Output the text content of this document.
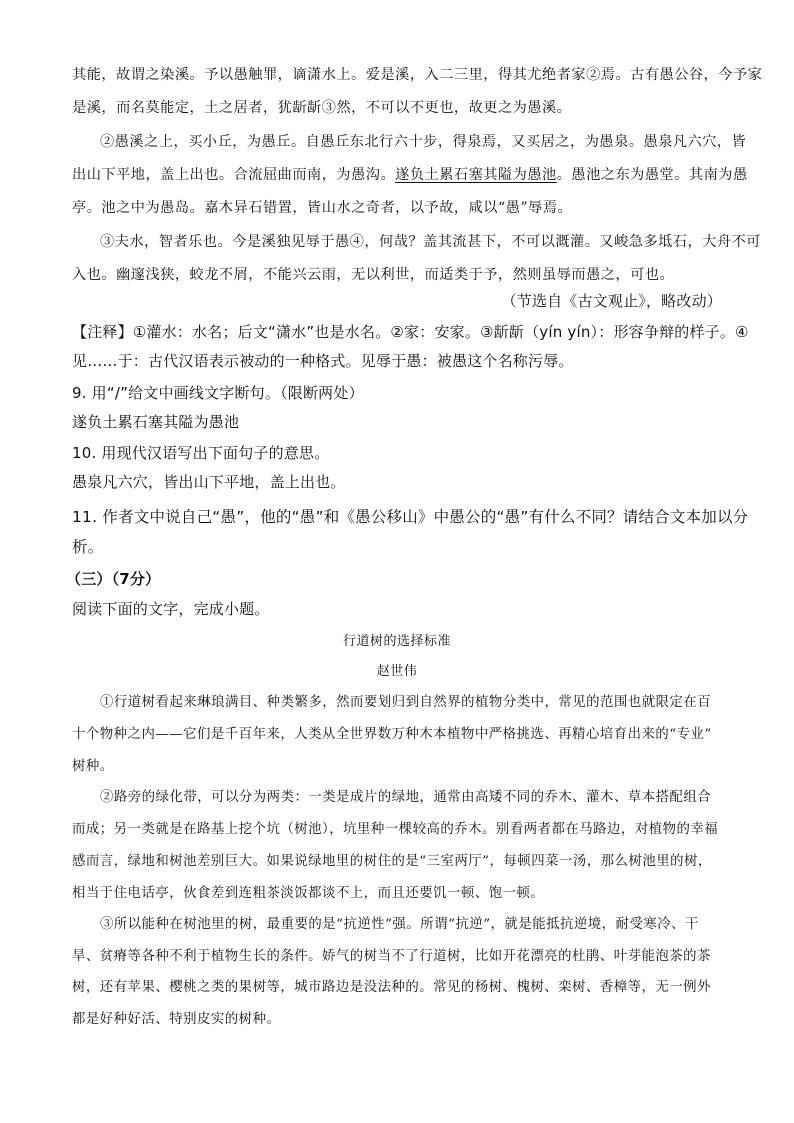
其能，故谓之染溪。予以愚触罪，谪潇水上。爱是溪，入二三里，得其尤绝者家②焉。古有愚公谷，今予家
是溪，而名莫能定，土之居者，犹龂龂③然，不可以不更也，故更之为愚溪。
②愚溪之上，买小丘，为愚丘。自愚丘东北行六十步，得泉焉，又买居之，为愚泉。愚泉凡六穴，皆
出山下平地，盖上出也。合流屈曲而南，为愚沟。遂负土累石塞其隘为愚池。愚池之东为愚堂。其南为愚
亭。池之中为愚岛。嘉木异石错置，皆山水之奇者，以予故，咸以“愚”辱焉。
③夫水，智者乐也。今是溪独见辱于愚④，何哉？盖其流甚下，不可以溉灌。又峻急多坻石，大舟不可
入也。幽邃浅狭，蛟龙不屑，不能兴云雨，无以利世，而适类于予，然则虽辱而愚之，可也。
（节选自《古文观止》，略改动）
【注释】①灌水：水名；后文“潇水”也是水名。②家：安家。③龂龂（yín yín）：形容争辩的样子。④
见……于：古代汉语表示被动的一种格式。见辱于愚：被愚这个名称污辱。
9. 用“/”给文中画线文字断句。（限断两处）
遂负土累石塞其隘为愚池
10. 用现代汉语写出下面句子的意思。
愚泉凡六穴，皆出山下平地，盖上出也。
11. 作者文中说自己“愚”，他的“愚”和《愚公移山》中愚公的“愚”有什么不同？请结合文本加以分
析。
（三）（7分）
阅读下面的文字，完成小题。
行道树的选择标准
赵世伟
①行道树看起来琳琅满目、种类繁多，然而要划归到自然界的植物分类中，常见的范围也就限定在百
十个物种之内——它们是千百年来，人类从全世界数万种木本植物中严格挑选、再精心培育出来的“专业”
树种。
②路旁的绿化带，可以分为两类：一类是成片的绿地，通常由高矮不同的乔木、灌木、草本搭配组合
而成；另一类就是在路基上挖个坑（树池），坑里种一棵较高的乔木。别看两者都在马路边，对植物的幸福
感而言，绿地和树池差别巨大。如果说绿地里的树住的是“三室两厅”，每顿四菜一汤，那么树池里的树，
相当于住电话亭，伙食差到连粗茶淡饭都谈不上，而且还要饥一顿、饱一顿。
③所以能种在树池里的树，最重要的是“抗逆性”强。所谓“抗逆”，就是能抵抗逆境，耐受寒冷、干
旱、贫瘠等各种不利于植物生长的条件。娇气的树当不了行道树，比如开花漂亮的杜鹃、叶芽能泡茶的茶
树，还有苹果、樱桃之类的果树等，城市路边是没法种的。常见的杨树、槐树、栾树、香樟等，无一例外
都是好种好活、特别皮实的树种。
